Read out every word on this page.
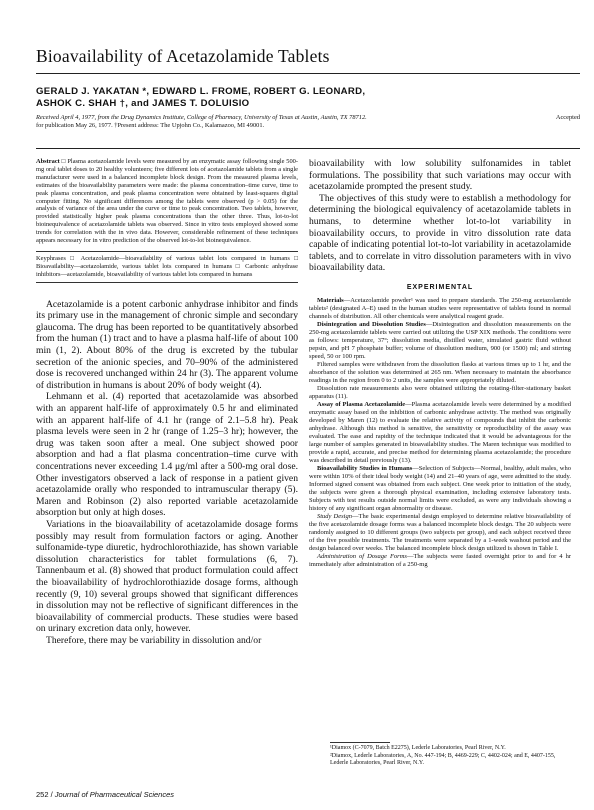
Bioavailability of Acetazolamide Tablets
GERALD J. YAKATAN *, EDWARD L. FROME, ROBERT G. LEONARD,
ASHOK C. SHAH †, and JAMES T. DOLUISIO
Accepted
Received April 4, 1977, from the Drug Dynamics Institute, College of Pharmacy, University of Texas at Austin, Austin, TX 78712.
for publication May 26, 1977. †Present address: The Upjohn Co., Kalamazoo, MI 49001.

Abstract □ Plasma acetazolamide levels were measured by an enzymatic assay following single 500-mg oral tablet doses to 20 healthy volunteers; five different lots of acetazolamide tablets from a single manufacturer were used in a balanced incomplete block design. From the measured plasma levels, estimates of the bioavailability parameters were made: the plasma concentration–time curve, time to peak plasma concentration, and peak plasma concentration were obtained by least-squares digital computer fitting. No significant differences among the tablets were observed (p > 0.05) for the analysis of variance of the area under the curve or time to peak concentration. Two tablets, however, provided statistically higher peak plasma concentrations than the other three. Thus, lot-to-lot bioinequivalence of acetazolamide tablets was observed. Since in vitro tests employed showed some trends for correlation with the in vivo data. However, considerable refinement of these techniques appears necessary for in vitro prediction of the observed lot-to-lot bioinequivalence.

Keyphrases □ Acetazolamide—bioavailability of various tablet lots compared in humans □ Bioavailability—acetazolamide, various tablet lots compared in humans □ Carbonic anhydrase inhibitors—acetazolamide, bioavailability of various tablet lots compared in humans

Acetazolamide is a potent carbonic anhydrase inhibitor and finds its primary use in the management of chronic simple and secondary glaucoma. The drug has been reported to be quantitatively absorbed from the human (1) tract and to have a plasma half-life of about 100 min (1, 2). About 80% of the drug is excreted by the tubular secretion of the anionic species, and 70–90% of the administered dose is recovered unchanged within 24 hr (3). The apparent volume of distribution in humans is about 20% of body weight (4).

Lehmann et al. (4) reported that acetazolamide was absorbed with an apparent half-life of approximately 0.5 hr and eliminated with an apparent half-life of 4.1 hr (range of 2.1–5.8 hr). Peak plasma levels were seen in 2 hr (range of 1.25–3 hr); however, the drug was taken soon after a meal. One subject showed poor absorption and had a flat plasma concentration–time curve with concentrations never exceeding 1.4 μg/ml after a 500-mg oral dose. Other investigators observed a lack of response in a patient given acetazolamide orally who responded to intramuscular therapy (5). Maren and Robinson (2) also reported variable acetazolamide absorption but only at high doses.

Variations in the bioavailability of acetazolamide dosage forms possibly may result from formulation factors or aging. Another sulfonamide-type diuretic, hydrochlorothiazide, has shown variable dissolution characteristics for tablet formulations (6, 7). Tannenbaum et al. (8) showed that product formulation could affect the bioavailability of hydrochlorothiazide dosage forms, although recently (9, 10) several groups showed that significant differences in dissolution may not be reflective of significant differences in the bioavailability of commercial products. These studies were based on urinary excretion data only, however.

Therefore, there may be variability in dissolution and/or

bioavailability with low solubility sulfonamides in tablet formulations. The possibility that such variations may occur with acetazolamide prompted the present study.

The objectives of this study were to establish a methodology for determining the biological equivalency of acetazolamide tablets in humans, to determine whether lot-to-lot variability in bioavailability occurs, to provide in vitro dissolution rate data capable of indicating potential lot-to-lot variability in acetazolamide tablets, and to correlate in vitro dissolution parameters with in vivo bioavailability data.

EXPERIMENTAL

Materials—Acetazolamide powder¹ was used to prepare standards. The 250-mg acetazolamide tablets² (designated A–E) used in the human studies were representative of tablets found in normal channels of distribution. All other chemicals were analytical reagent grade.

Disintegration and Dissolution Studies—Disintegration and dissolution measurements on the 250-mg acetazolamide tablets were carried out utilizing the USP XIX methods. The conditions were as follows: temperature, 37°; dissolution media, distilled water, simulated gastric fluid without pepsin, and pH 7 phosphate buffer; volume of dissolution medium, 900 (or 1500) ml; and stirring speed, 50 or 100 rpm.

Filtered samples were withdrawn from the dissolution flasks at various times up to 1 hr, and the absorbance of the solution was determined at 265 nm. When necessary to maintain the absorbance readings in the region from 0 to 2 units, the samples were appropriately diluted.

Dissolution rate measurements also were obtained utilizing the rotating-filter-stationary basket apparatus (11).

Assay of Plasma Acetazolamide—Plasma acetazolamide levels were determined by a modified enzymatic assay based on the inhibition of carbonic anhydrase activity. The method was originally developed by Maren (12) to evaluate the relative activity of compounds that inhibit the carbonic anhydrase. Although this method is sensitive, the sensitivity or reproducibility of the assay was evaluated. The ease and rapidity of the technique indicated that it would be advantageous for the large number of samples generated in bioavailability studies. The Maren technique was modified to provide a rapid, accurate, and precise method for determining plasma acetazolamide; the procedure was described in detail previously (13).

Bioavailability Studies in Humans—Selection of Subjects—Normal, healthy, adult males, who were within 10% of their ideal body weight (14) and 21–40 years of age, were admitted to the study. Informed signed consent was obtained from each subject. One week prior to initiation of the study, the subjects were given a thorough physical examination, including extensive laboratory tests. Subjects with test results outside normal limits were excluded, as were any individuals showing a history of any significant organ abnormality or disease.

Study Design—The basic experimental design employed to determine relative bioavailability of the five acetazolamide dosage forms was a balanced incomplete block design. The 20 subjects were randomly assigned to 10 different groups (two subjects per group), and each subject received three of the five possible treatments. The treatments were separated by a 1-week washout period and the design balanced over weeks. The balanced incomplete block design utilized is shown in Table I.

Administration of Dosage Forms—The subjects were fasted overnight prior to and for 4 hr immediately after administration of a 250-mg

¹Diamox (C-7079, Batch E2275), Lederle Laboratories, Pearl River, N.Y.
²Diamox, Lederle Laboratories, A, No. 447-194; B, 4469-229; C, 4402-024; and E, 4407-155, Lederle Laboratories, Pearl River, N.Y.
252 / Journal of Pharmaceutical Sciences
